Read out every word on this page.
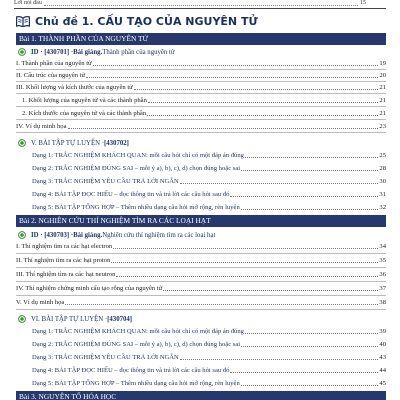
Lời nói đầu	15
Chủ đề 1. CẤU TẠO CỦA NGUYÊN TỬ
Bài 1. THÀNH PHẦN CỦA NGUYÊN TỬ
ID · [430701] · Bài giảng. Thành phần của nguyên tử
I. Thành phần của nguyên tử	19
II. Cấu trúc của nguyên tử	20
III. Khối lượng và kích thước của nguyên tử	21
1. Khối lượng của nguyên tử và các thành phần	21
2. Kích thước của nguyên tử và các thành phần	21
IV. Ví dụ minh họa	23
V. BÀI TẬP TỰ LUYỆN · [430702]
Dạng 1: TRẮC NGHIỆM KHÁCH QUAN: mỗi câu hỏi chỉ có một đáp án đúng	25
Dạng 2: TRẮC NGHIỆM ĐÚNG SAI – mỗi ý a), b), c), d) chọn đúng hoặc sai	28
Dạng 3: TRẮC NGHIỆM YÊU CẦU TRẢ LỜI NGẮN	30
Dạng 4: BÀI TẬP ĐỌC HIỂU – đọc thông tin và trả lời các câu hỏi sau đó	31
Dạng 5: BÀI TẬP TỔNG HỢP – Thêm nhiều dạng câu hỏi mở rộng, rèn luyện	32
Bài 2. NGHIÊN CỨU THÍ NGHIỆM TÌM RA CÁC LOẠI HẠT
ID · [430703] · Bài giảng. Nghiên cứu thí nghiệm tìm ra các loại hạt
I. Thí nghiệm tìm ra các hạt electron	34
II. Thí nghiệm tìm ra các hạt proton	35
III. Thí nghiệm tìm ra các hạt neutron	36
IV. Thí nghiệm chứng minh cấu tạo rỗng của nguyên tử	37
V. Ví dụ minh họa	38
VI. BÀI TẬP TỰ LUYỆN · [430704]
Dạng 1: TRẮC NGHIỆM KHÁCH QUAN: mỗi câu hỏi chỉ có một đáp án đúng	39
Dạng 2: TRẮC NGHIỆM ĐÚNG SAI – mỗi ý a), b), c), d) chọn đúng hoặc sai	40
Dạng 3: TRẮC NGHIỆM YÊU CẦU TRẢ LỜI NGẮN	43
Dạng 4: BÀI TẬP ĐỌC HIỂU – đọc thông tin và trả lời các câu hỏi sau đó	44
Dạng 5: BÀI TẬP TỔNG HỢP – Thêm nhiều dạng câu hỏi mở rộng, rèn luyện	45
Bài 3. NGUYÊN TỐ HÓA HỌC
